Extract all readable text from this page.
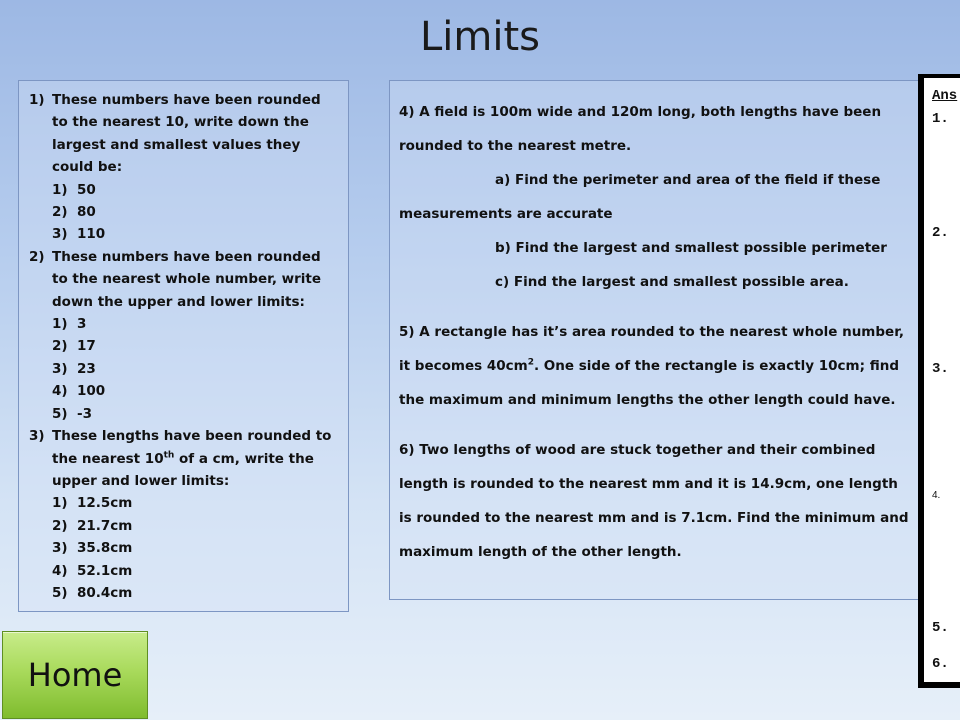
Limits
1) These numbers have been rounded to the nearest 10, write down the largest and smallest values they could be:
1) 50
2) 80
3) 110
2) These numbers have been rounded to the nearest whole number, write down the upper and lower limits:
1) 3
2) 17
3) 23
4) 100
5) -3
3) These lengths have been rounded to the nearest 10th of a cm, write the upper and lower limits:
1) 12.5cm
2) 21.7cm
3) 35.8cm
4) 52.1cm
5) 80.4cm

4) A field is 100m wide and 120m long, both lengths have been rounded to the nearest metre.

a) Find the perimeter and area of the field if these measurements are accurate

b) Find the largest and smallest possible perimeter

c) Find the largest and smallest possible area.

5) A rectangle has it’s area rounded to the nearest whole number, it becomes $40cm^2$. One side of the rectangle is exactly 10cm; find the maximum and minimum lengths the other length could have.

6) Two lengths of wood are stuck together and their combined length is rounded to the nearest mm and it is 14.9cm, one length is rounded to the nearest mm and is 7.1cm. Find the minimum and maximum length of the other length.

Ans
1.
2.
3.
4.
5.
6.
Home
